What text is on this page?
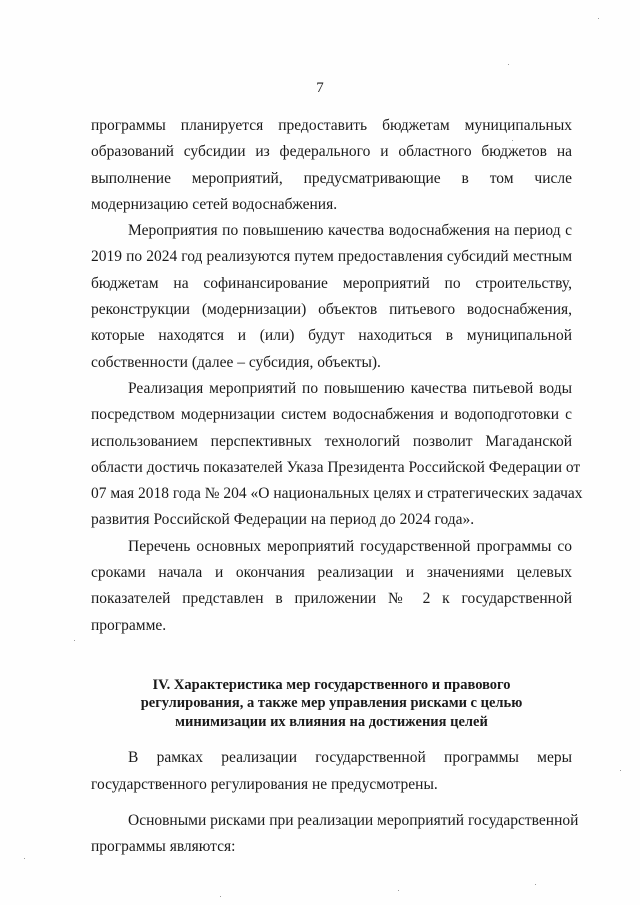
7

программы планируется предоставить бюджетам муниципальных
образований субсидии из федерального и областного бюджетов на
выполнение мероприятий, предусматривающие в том числе
модернизацию сетей водоснабжения.

Мероприятия по повышению качества водоснабжения на период с
2019 по 2024 год реализуются путем предоставления субсидий местным
бюджетам на софинансирование мероприятий по строительству,
реконструкции (модернизации) объектов питьевого водоснабжения,
которые находятся и (или) будут находиться в муниципальной
собственности (далее – субсидия, объекты).

Реализация мероприятий по повышению качества питьевой воды
посредством модернизации систем водоснабжения и водоподготовки с
использованием перспективных технологий позволит Магаданской
области достичь показателей Указа Президента Российской Федерации от
07 мая 2018 года № 204 «О национальных целях и стратегических задачах
развития Российской Федерации на период до 2024 года».

Перечень основных мероприятий государственной программы со
сроками начала и окончания реализации и значениями целевых
показателей представлен в приложении № 2 к государственной
программе.

IV. Характеристика мер государственного и правового
регулирования, а также мер управления рисками с целью
минимизации их влияния на достижения целей

В рамках реализации государственной программы меры
государственного регулирования не предусмотрены.

Основными рисками при реализации мероприятий государственной
программы являются:
